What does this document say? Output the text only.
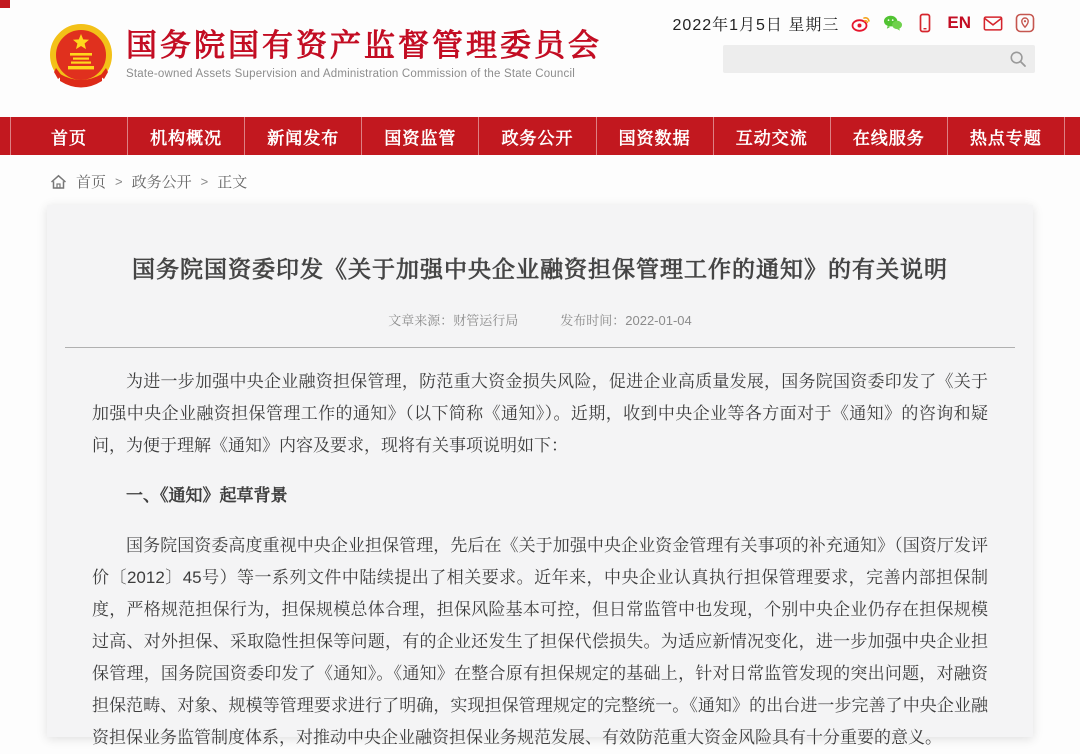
2022年1月5日 星期三	EN
国务院国有资产监督管理委员会
State-owned Assets Supervision and Administration Commission of the State Council
首页	机构概况	新闻发布	国资监管	政务公开	国资数据	互动交流	在线服务	热点专题
首页 > 政务公开 > 正文
国务院国资委印发《关于加强中央企业融资担保管理工作的通知》的有关说明
文章来源：财管运行局	发布时间：2022-01-04

为进一步加强中央企业融资担保管理，防范重大资金损失风险，促进企业高质量发展，国务院国资委印发了《关于加强中央企业融资担保管理工作的通知》（以下简称《通知》）。近期，收到中央企业等各方面对于《通知》的咨询和疑问，为便于理解《通知》内容及要求，现将有关事项说明如下：

一、《通知》起草背景

国务院国资委高度重视中央企业担保管理，先后在《关于加强中央企业资金管理有关事项的补充通知》（国资厅发评价〔2012〕45号）等一系列文件中陆续提出了相关要求。近年来，中央企业认真执行担保管理要求，完善内部担保制度，严格规范担保行为，担保规模总体合理，担保风险基本可控，但日常监管中也发现，个别中央企业仍存在担保规模过高、对外担保、采取隐性担保等问题，有的企业还发生了担保代偿损失。为适应新情况变化，进一步加强中央企业担保管理，国务院国资委印发了《通知》。《通知》在整合原有担保规定的基础上，针对日常监管发现的突出问题，对融资担保范畴、对象、规模等管理要求进行了明确，实现担保管理规定的完整统一。《通知》的出台进一步完善了中央企业融资担保业务监管制度体系，对推动中央企业融资担保业务规范发展、有效防范重大资金风险具有十分重要的意义。
